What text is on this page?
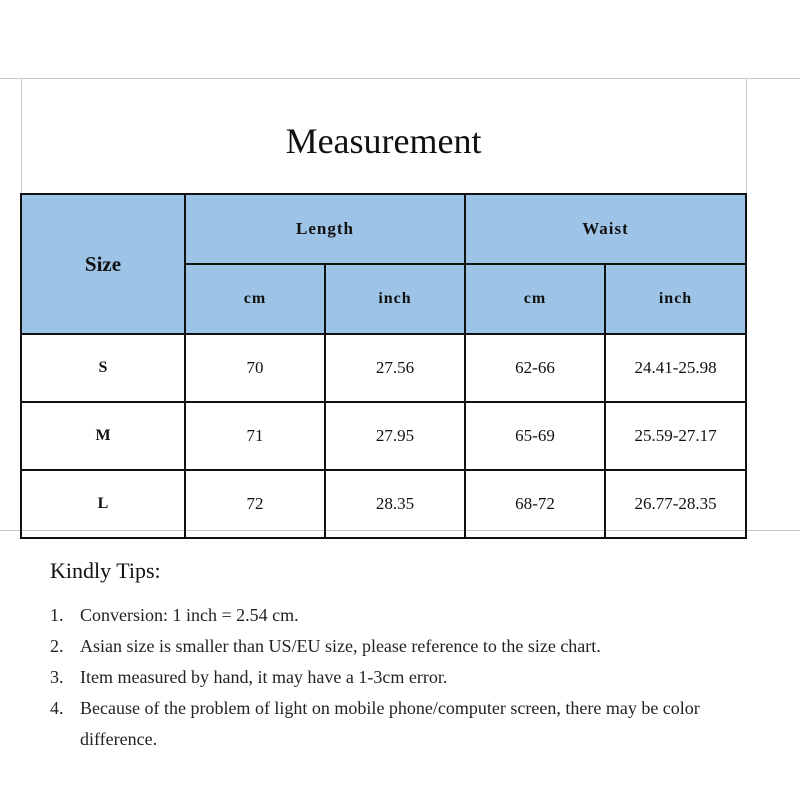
Measurement				
Size	Length		Waist	
	cm	inch	cm	inch
S	70	27.56	62-66	24.41-25.98
M	71	27.95	65-69	25.59-27.17
L	72	28.35	68-72	26.77-28.35
Kindly Tips:
1. Conversion: 1 inch = 2.54 cm.
2. Asian size is smaller than US/EU size, please reference to the size chart.
3. Item measured by hand, it may have a 1-3cm error.
4. Because of the problem of light on mobile phone/computer screen, there may be color difference.
